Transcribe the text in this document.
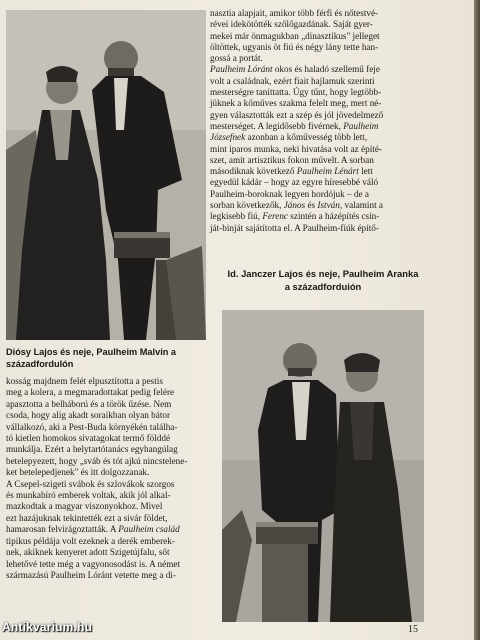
nasztia alapjait, amikor több férfi és nőtestvé-

révei idekötötték szőlőgazdának. Saját gyer-

mekei már önmagukban „dinasztikus" jelleget

öltöttek, ugyanis öt fiú és négy lány tette han-

gossá a portát.

Paulheim Lóránt okos és haladó szellemű feje

volt a családnak, ezért fiait hajlamuk szerinti

mesterségre taníttatta. Úgy tűnt, hogy legtöbb-

jüknek a kőműves szakma felelt meg, mert né-

gyen választották ezt a szép és jól jövedelmező

mesterséget. A legidősebb fivérnek, Paulheim

Józsefnek azonban a kőművesség több lett,

mint iparos munka, neki hivatása volt az építé-

szet, amit artisztikus fokon művelt. A sorban

másodiknak következő Paulheim Lénárt lett

egyedül kádár – hogy az egyre híresebbé váló

Paulheim-boroknak legyen hordójuk – de a

sorban következők, János és István, valamint a

legkisebb fiú, Ferenc szintén a házépítés csín-

ját-binját sajátította el. A Paulheim-fiúk építő-

Id. Janczer Lajos és neje, Paulheim Aranka
a századforduión
Diósy Lajos és neje, Paulheim Malvin a
századfordulón

kosság majdnem felét elpusztította a pestis

meg a kolera, a megmaradottakat pedig felére

apasztotta a belháború és a török űzése. Nem

csoda, hogy alig akadt soraikban olyan bátor

vállalkozó, aki a Pest-Buda környékén találha-

tó kietlen homokos sivatagokat termő földdé

munkálja. Ezért a helytartótanács egyhangúlag

betelepyezett, hogy „sváb és tót ajkú nincstelene-

ket betelepedjenek" és itt dolgozzanak.

A Csepel-szigeti svábok és szlovákok szorgos

és munkabíró emberek voltak, akik jól alkal-

mazkodtak a magyar viszonyokhoz. Mivel

ezt hazájuknak tekintették ezt a sivár földet,

hamarosan felvirágoztatták. A Paulheim család

tipikus példája volt ezeknek a derék emberek-

nek, akiknek kenyeret adott Szigetújfalu, sőt

lehetővé tette még a vagyonosodást is. A német

származású Paulheim Lóránt vetette meg a di-

15
Antikvarium.hu
